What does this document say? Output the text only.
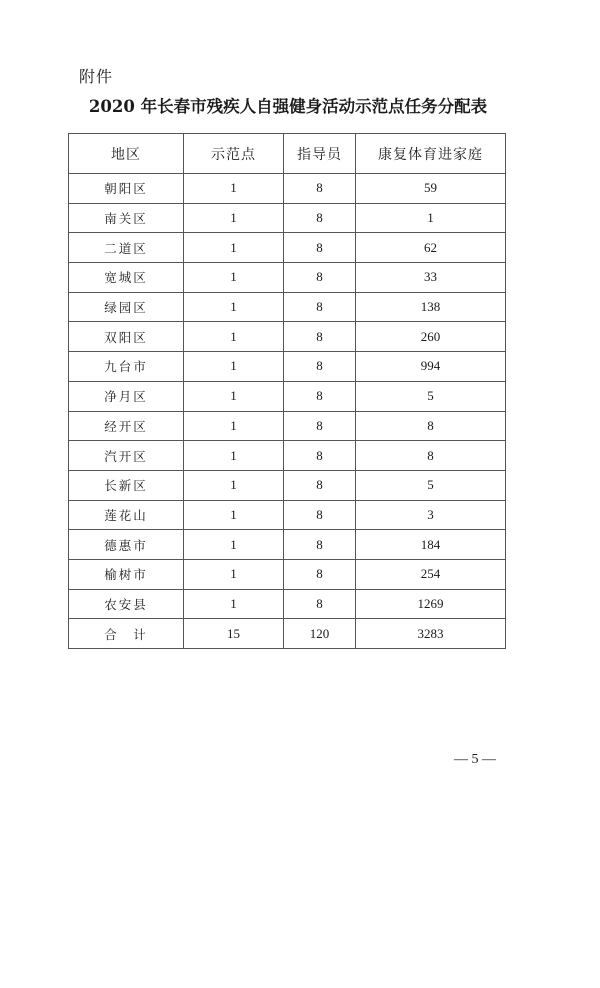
附件
2020 年长春市残疾人自强健身活动示范点任务分配表
地区	示范点	指导员	康复体育进家庭
朝阳区	1	8	59
南关区	1	8	1
二道区	1	8	62
宽城区	1	8	33
绿园区	1	8	138
双阳区	1	8	260
九台市	1	8	994
净月区	1	8	5
经开区	1	8	8
汽开区	1	8	8
长新区	1	8	5
莲花山	1	8	3
德惠市	1	8	184
榆树市	1	8	254
农安县	1	8	1269
合　计	15	120	3283
— 5 —
